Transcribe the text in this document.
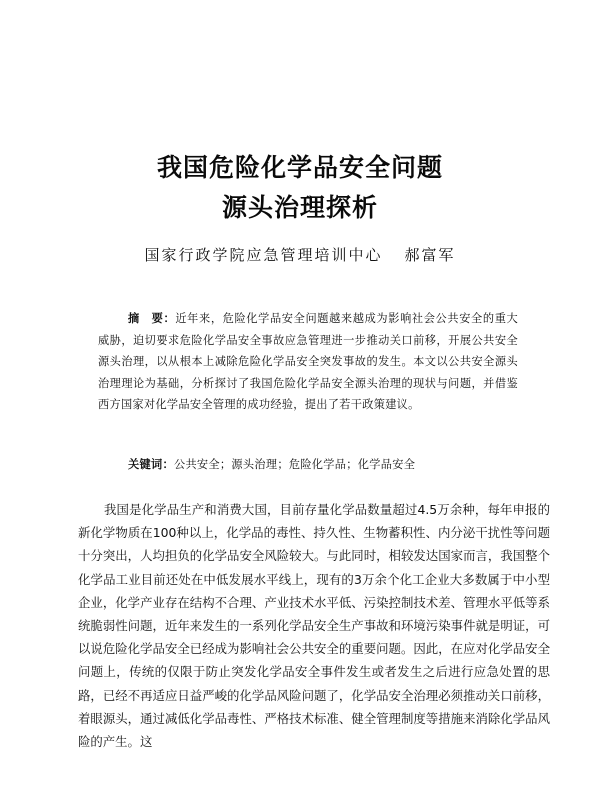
我国危险化学品安全问题
源头治理探析
国家行政学院应急管理培训中心 郝富军
摘　要：近年来，危险化学品安全问题越来越成为影响社会公共安全的重大威胁，迫切要求危险化学品安全事故应急管理进一步推动关口前移，开展公共安全源头治理，以从根本上减除危险化学品安全突发事故的发生。本文以公共安全源头治理理论为基础，分析探讨了我国危险化学品安全源头治理的现状与问题，并借鉴西方国家对化学品安全管理的成功经验，提出了若干政策建议。
关键词：公共安全；源头治理；危险化学品；化学品安全
我国是化学品生产和消费大国，目前存量化学品数量超过4.5万余种，每年申报的新化学物质在100种以上，化学品的毒性、持久性、生物蓄积性、内分泌干扰性等问题十分突出，人均担负的化学品安全风险较大。与此同时，相较发达国家而言，我国整个化学品工业目前还处在中低发展水平线上，现有的3万余个化工企业大多数属于中小型企业，化学产业存在结构不合理、产业技术水平低、污染控制技术差、管理水平低等系统脆弱性问题，近年来发生的一系列化学品安全生产事故和环境污染事件就是明证，可以说危险化学品安全已经成为影响社会公共安全的重要问题。因此，在应对化学品安全问题上，传统的仅限于防止突发化学品安全事件发生或者发生之后进行应急处置的思路，已经不再适应日益严峻的化学品风险问题了，化学品安全治理必须推动关口前移，着眼源头，通过减低化学品毒性、严格技术标准、健全管理制度等措施来消除化学品风险的产生。这
